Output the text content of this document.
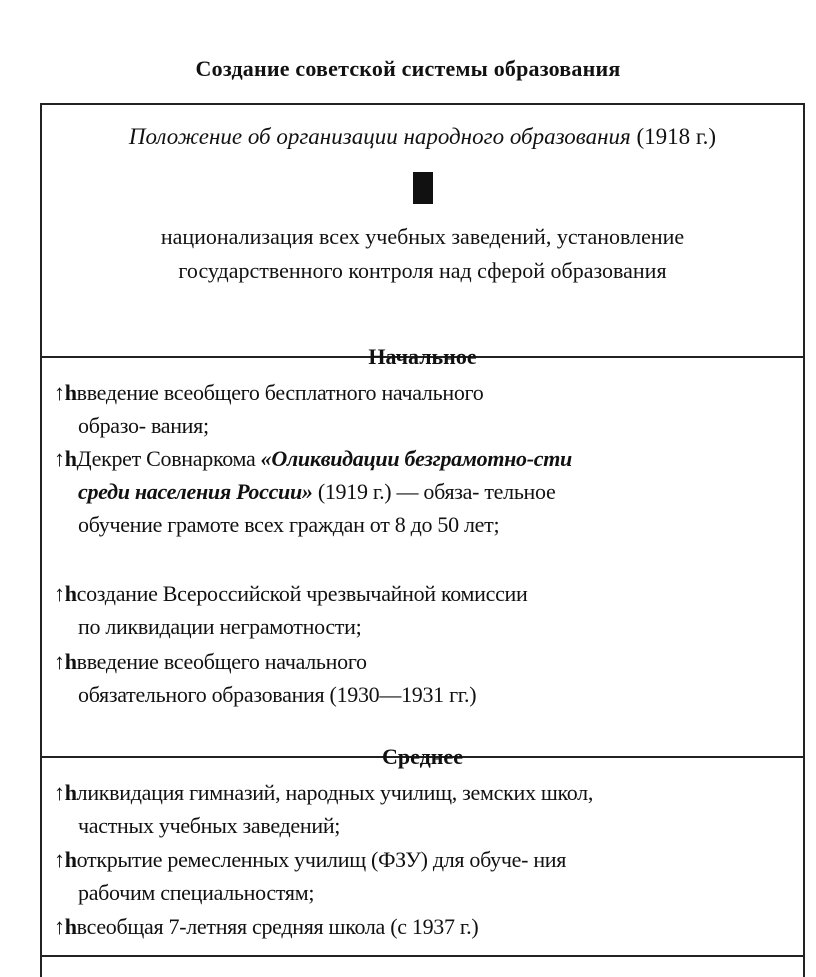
Создание советской системы образования
Положение об организации народного образования (1918 г.)
национализация всех учебных заведений, установление
государственного контроля над сферой образования
Начальное
↑hвведение всеобщего бесплатного начального
образо- вания;
↑hДекрет Совнаркома «Оликвидации безграмотно-сти
среди населения России» (1919 г.) — обяза- тельное
обучение грамоте всех граждан от 8 до 50 лет;
↑hсоздание Всероссийской чрезвычайной комиссии
по ликвидации неграмотности;
↑hвведение всеобщего начального
обязательного образования (1930—1931 гг.)
Среднее
↑hликвидация гимназий, народных училищ, земских школ,
частных учебных заведений;
↑hоткрытие ремесленных училищ (ФЗУ) для обуче- ния
рабочим специальностям;
↑hвсеобщая 7-летняя средняя школа (с 1937 г.)
